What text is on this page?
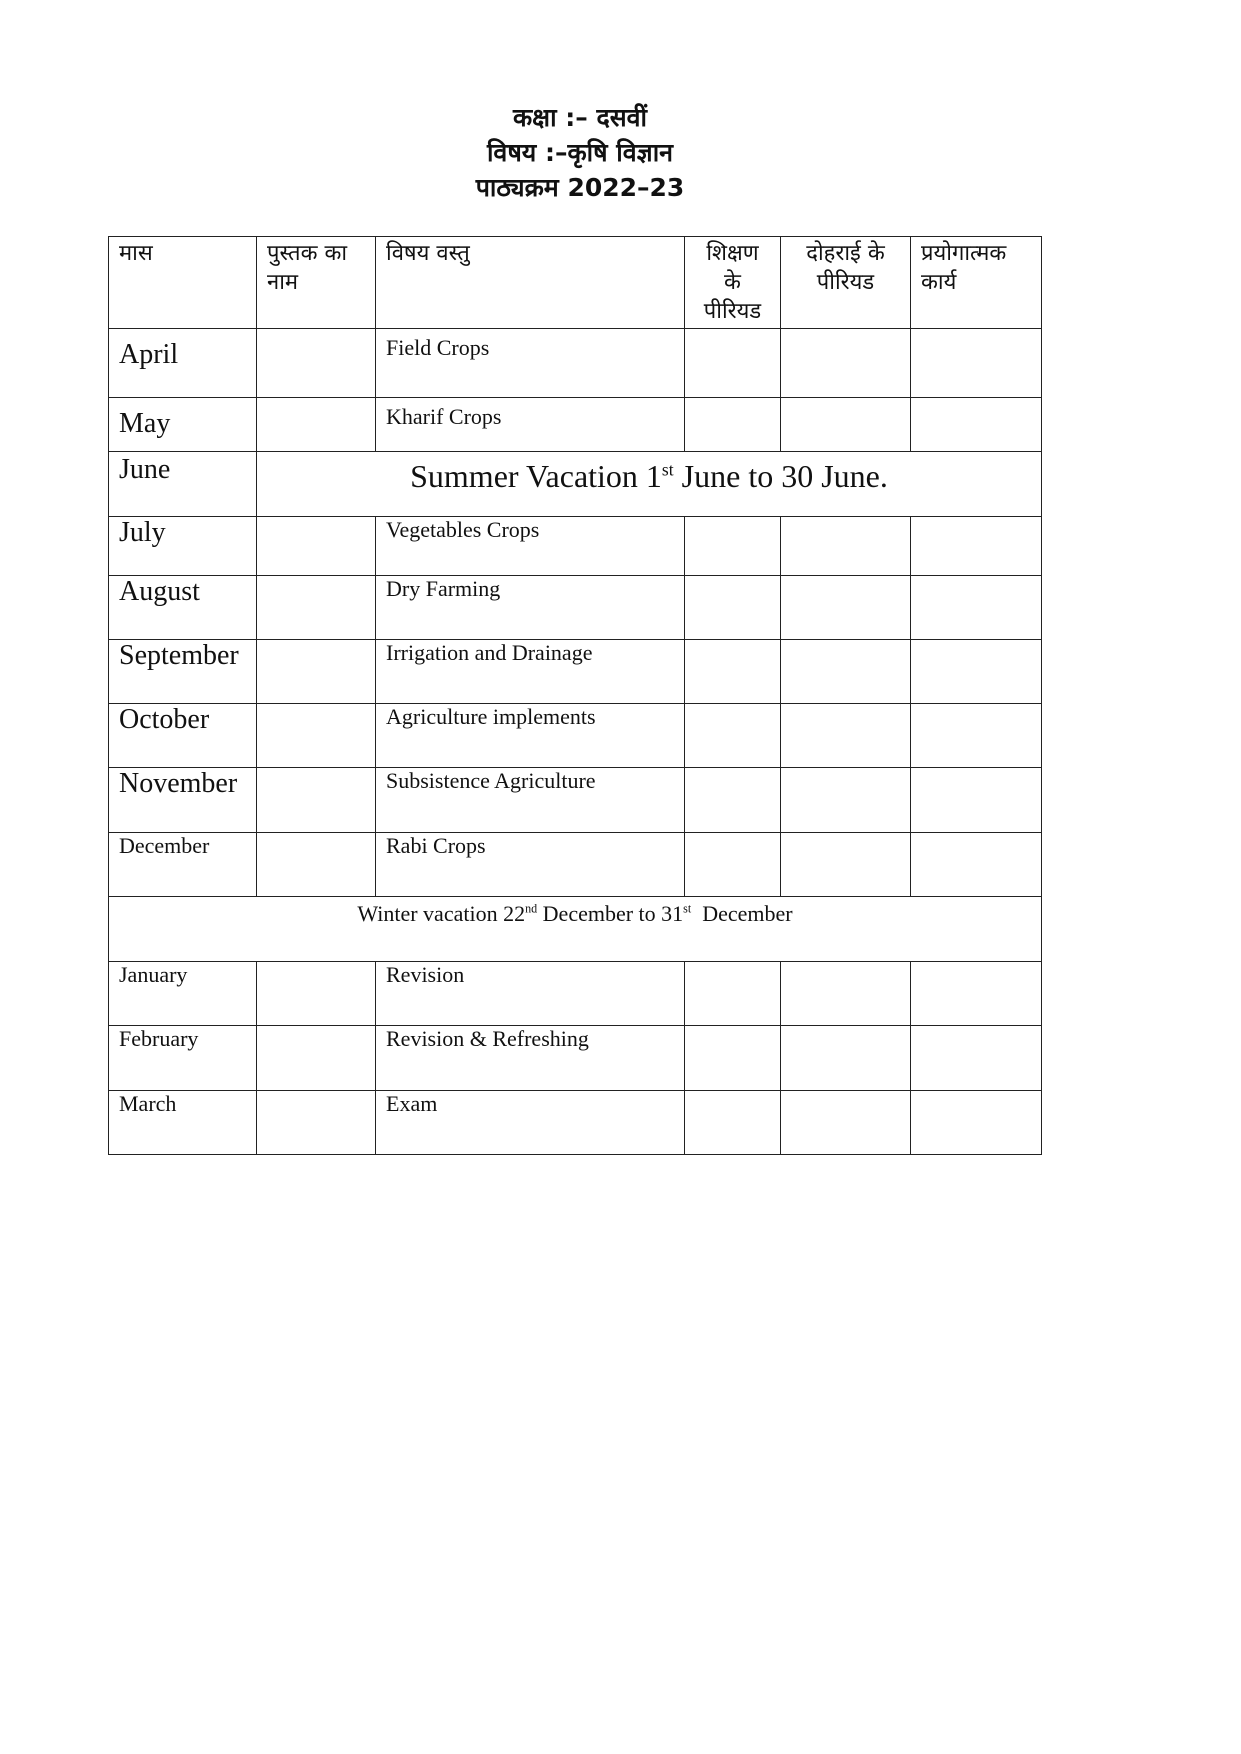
कक्षा :– दसवीं
विषय :–कृषि विज्ञान
पाठ्यक्रम 2022–23
मास	पुस्तक का नाम	विषय वस्तु	शिक्षण के पीरियड	दोहराई के पीरियड	प्रयोगात्मक कार्य
April		Field Crops			
May		Kharif Crops			
June	Summer Vacation 1st June to 30 June.				
July		Vegetables Crops			
August		Dry Farming			
September		Irrigation and Drainage			
October		Agriculture implements			
November		Subsistence Agriculture			
December		Rabi Crops			
Winter vacation 22nd December to 31st  December					
January		Revision			
February		Revision & Refreshing			
March		Exam			
